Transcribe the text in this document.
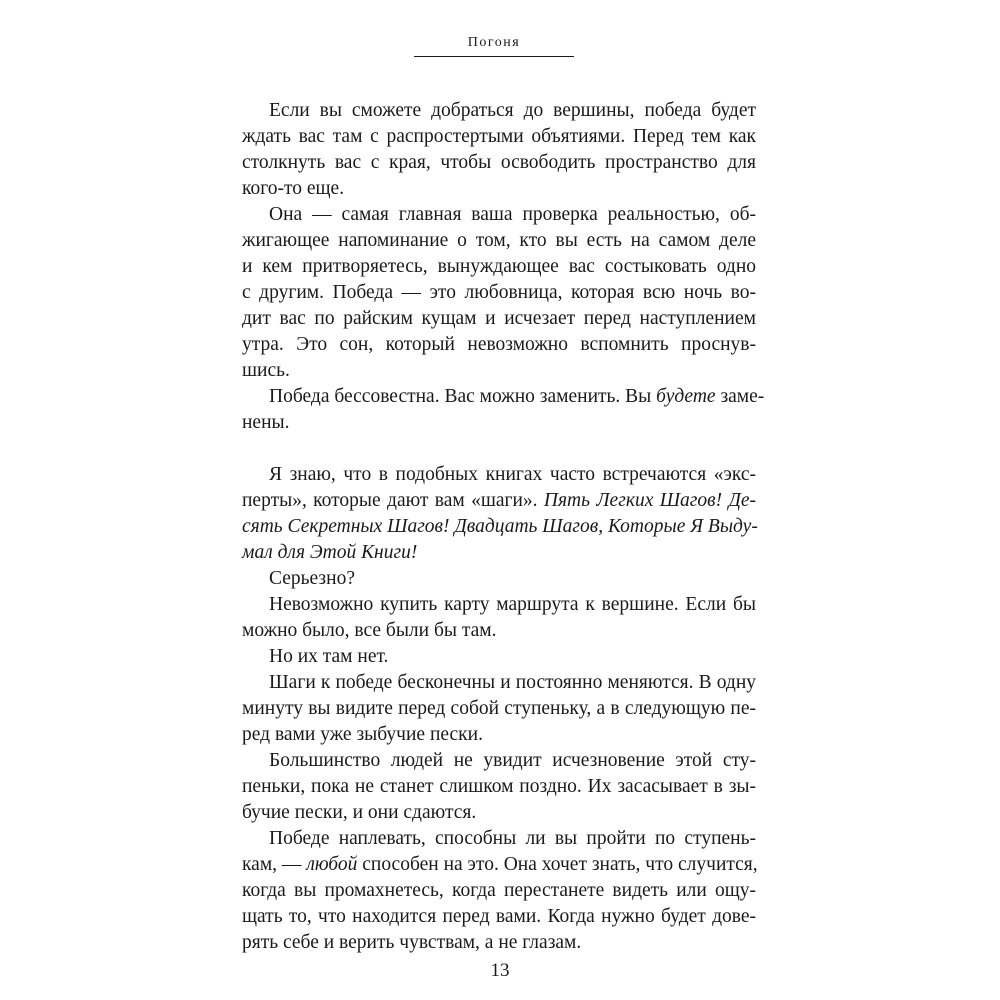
Погоня
Если вы сможете добраться до вершины, победа будет
ждать вас там с распростертыми объятиями. Перед тем как
столкнуть вас с края, чтобы освободить пространство для
кого-то еще.
Она — самая главная ваша проверка реальностью, об-
жигающее напоминание о том, кто вы есть на самом деле
и кем притворяетесь, вынуждающее вас состыковать одно
с другим. Победа — это любовница, которая всю ночь во-
дит вас по райским кущам и исчезает перед наступлением
утра. Это сон, который невозможно вспомнить проснув-
шись.
Победа бессовестна. Вас можно заменить. Вы будете заме-
нены.
Я знаю, что в подобных книгах часто встречаются «экс-
перты», которые дают вам «шаги». Пять Легких Шагов! Де-
сять Секретных Шагов! Двадцать Шагов, Которые Я Выду-
мал для Этой Книги!
Серьезно?
Невозможно купить карту маршрута к вершине. Если бы
можно было, все были бы там.
Но их там нет.
Шаги к победе бесконечны и постоянно меняются. В одну
минуту вы видите перед собой ступеньку, а в следующую пе-
ред вами уже зыбучие пески.
Большинство людей не увидит исчезновение этой сту-
пеньки, пока не станет слишком поздно. Их засасывает в зы-
бучие пески, и они сдаются.
Победе наплевать, способны ли вы пройти по ступень-
кам, — любой способен на это. Она хочет знать, что случится,
когда вы промахнетесь, когда перестанете видеть или ощу-
щать то, что находится перед вами. Когда нужно будет дове-
рять себе и верить чувствам, а не глазам.
13
